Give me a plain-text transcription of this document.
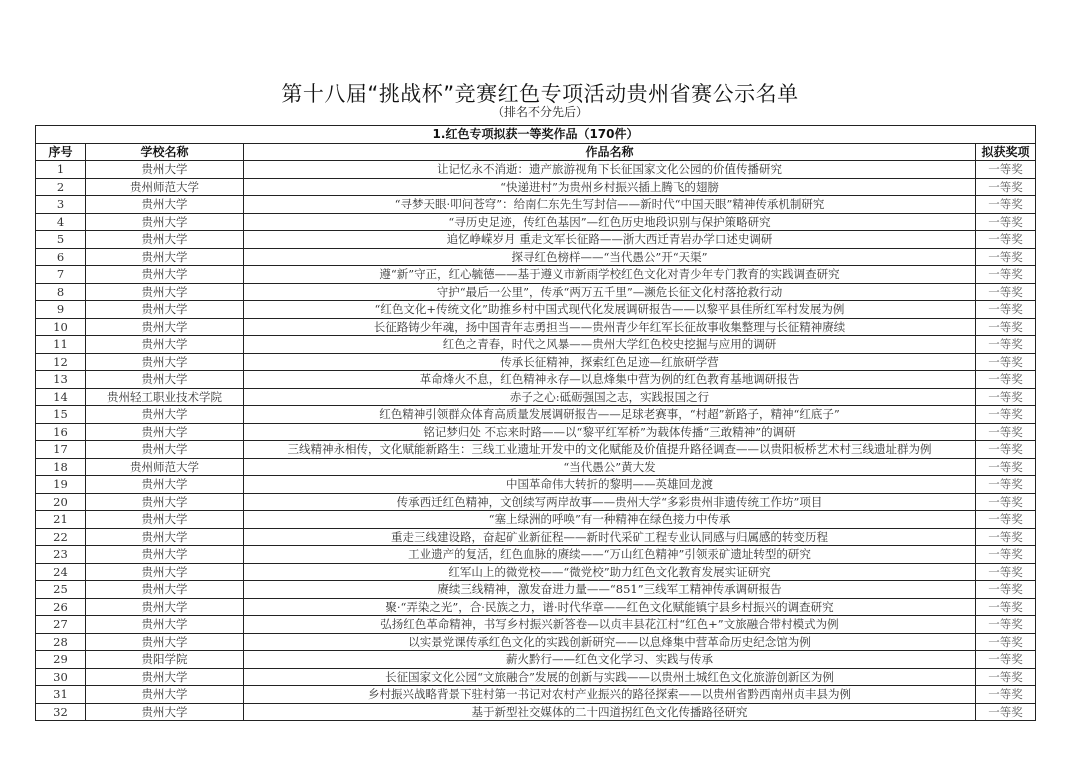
第十八届“挑战杯”竞赛红色专项活动贵州省赛公示名单
（排名不分先后）
1.红色专项拟获一等奖作品（170件）			
序号	学校名称	作品名称	拟获奖项
1	贵州大学	让记忆永不消逝：遗产旅游视角下长征国家文化公园的价值传播研究	一等奖
2	贵州师范大学	“快递进村”为贵州乡村振兴插上腾飞的翅膀	一等奖
3	贵州大学	“寻梦天眼·叩问苍穹”：给南仁东先生写封信——新时代“中国天眼”精神传承机制研究	一等奖
4	贵州大学	“寻历史足迹，传红色基因”—红色历史地段识别与保护策略研究	一等奖
5	贵州大学	追忆峥嵘岁月 重走文军长征路——浙大西迁青岩办学口述史调研	一等奖
6	贵州大学	探寻红色榜样——“当代愚公”开“天渠”	一等奖
7	贵州大学	遵“新”守正，红心毓德——基于遵义市新雨学校红色文化对青少年专门教育的实践调查研究	一等奖
8	贵州大学	守护“最后一公里”，传承“两万五千里”—濒危长征文化村落抢救行动	一等奖
9	贵州大学	“红色文化+传统文化”助推乡村中国式现代化发展调研报告——以黎平县佳所红军村发展为例	一等奖
10	贵州大学	长征路铸少年魂，扬中国青年志勇担当——贵州青少年红军长征故事收集整理与长征精神赓续	一等奖
11	贵州大学	红色之青春，时代之风暴——贵州大学红色校史挖掘与应用的调研	一等奖
12	贵州大学	传承长征精神，探索红色足迹—红旅研学营	一等奖
13	贵州大学	革命烽火不息，红色精神永存—以息烽集中营为例的红色教育基地调研报告	一等奖
14	贵州轻工职业技术学院	赤子之心:砥砺强国之志，实践报国之行	一等奖
15	贵州大学	红色精神引领群众体育高质量发展调研报告——足球老赛事，“村超”新路子，精神“红底子”	一等奖
16	贵州大学	铭记梦归处 不忘来时路——以“黎平红军桥”为载体传播“三敢精神”的调研	一等奖
17	贵州大学	三线精神永相传，文化赋能新路生：三线工业遗址开发中的文化赋能及价值提升路径调查——以贵阳板桥艺术村三线遗址群为例	一等奖
18	贵州师范大学	“当代愚公”黄大发	一等奖
19	贵州大学	中国革命伟大转折的黎明——英雄回龙渡	一等奖
20	贵州大学	传承西迁红色精神，文创续写两岸故事——贵州大学“多彩贵州非遗传统工作坊”项目	一等奖
21	贵州大学	“塞上绿洲的呼唤”有一种精神在绿色接力中传承	一等奖
22	贵州大学	重走三线建设路，奋起矿业新征程——新时代采矿工程专业认同感与归属感的转变历程	一等奖
23	贵州大学	工业遗产的复活，红色血脉的赓续——“万山红色精神”引领汞矿遗址转型的研究	一等奖
24	贵州大学	红军山上的微党校——“微党校”助力红色文化教育发展实证研究	一等奖
25	贵州大学	赓续三线精神，激发奋进力量——“851”三线军工精神传承调研报告	一等奖
26	贵州大学	聚·“弄染之光”，合·民族之力，谱·时代华章——红色文化赋能镇宁县乡村振兴的调查研究	一等奖
27	贵州大学	弘扬红色革命精神，书写乡村振兴新答卷—以贞丰县花江村“红色+”文旅融合带村模式为例	一等奖
28	贵州大学	以实景党课传承红色文化的实践创新研究——以息烽集中营革命历史纪念馆为例	一等奖
29	贵阳学院	薪火黔行——红色文化学习、实践与传承	一等奖
30	贵州大学	长征国家文化公园“文旅融合”发展的创新与实践——以贵州土城红色文化旅游创新区为例	一等奖
31	贵州大学	乡村振兴战略背景下驻村第一书记对农村产业振兴的路径探索——以贵州省黔西南州贞丰县为例	一等奖
32	贵州大学	基于新型社交媒体的二十四道拐红色文化传播路径研究	一等奖
